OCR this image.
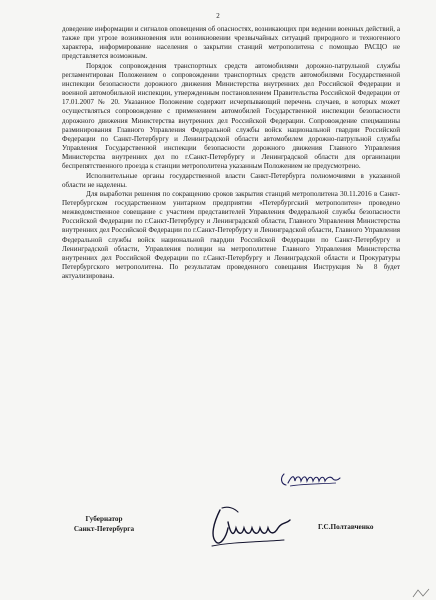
2

доведение информации и сигналов оповещения об опасностях, возникающих при ведении военных действий, а также при угрозе возникновения или возникновении чрезвычайных ситуаций природного и техногенного характера, информирование населения о закрытии станций метрополитена с помощью РАСЦО не представляется возможным.

Порядок сопровождения транспортных средств автомобилями дорожно-патрульной службы регламентирован Положением о сопровождении транспортных средств автомобилями Государственной инспекции безопасности дорожного движения Министерства внутренних дел Российской Федерации и военной автомобильной инспекции, утвержденным постановлением Правительства Российской Федерации от 17.01.2007 № 20. Указанное Положение содержит исчерпывающий перечень случаев, в которых может осуществляться сопровождение с применением автомобилей Государственной инспекции безопасности дорожного движения Министерства внутренних дел Российской Федерации. Сопровождение спецмашины разминирования Главного Управления Федеральной службы войск национальной гвардии Российской Федерации по Санкт-Петербургу и Ленинградской области автомобилем дорожно-патрульной службы Управления Государственной инспекции безопасности дорожного движения Главного Управления Министерства внутренних дел по г.Санкт-Петербургу и Ленинградской области для организации беспрепятственного проезда к станции метрополитена указанным Положением не предусмотрено.

Исполнительные органы государственной власти Санкт-Петербурга полномочиями в указанной области не наделены.

Для выработки решения по сокращению сроков закрытия станций метрополитена 30.11.2016 в Санкт-Петербургском государственном унитарном предприятии «Петербургский метрополитен» проведено межведомственное совещание с участием представителей Управления Федеральной службы безопасности Российской Федерации по г.Санкт-Петербургу и Ленинградской области, Главного Управления Министерства внутренних дел Российской Федерации по г.Санкт-Петербургу и Ленинградской области, Главного Управления Федеральной службы войск национальной гвардии Российской Федерации по Санкт-Петербургу и Ленинградской области, Управления полиции на метрополитене Главного Управления Министерства внутренних дел Российской Федерации по г.Санкт-Петербургу и Ленинградской области и Прокуратуры Петербургского метрополитена. По результатам проведенного совещания Инструкция № 8 будет актуализирована.

Губернатор
Санкт-Петербурга	Г.С.Полтавченко
